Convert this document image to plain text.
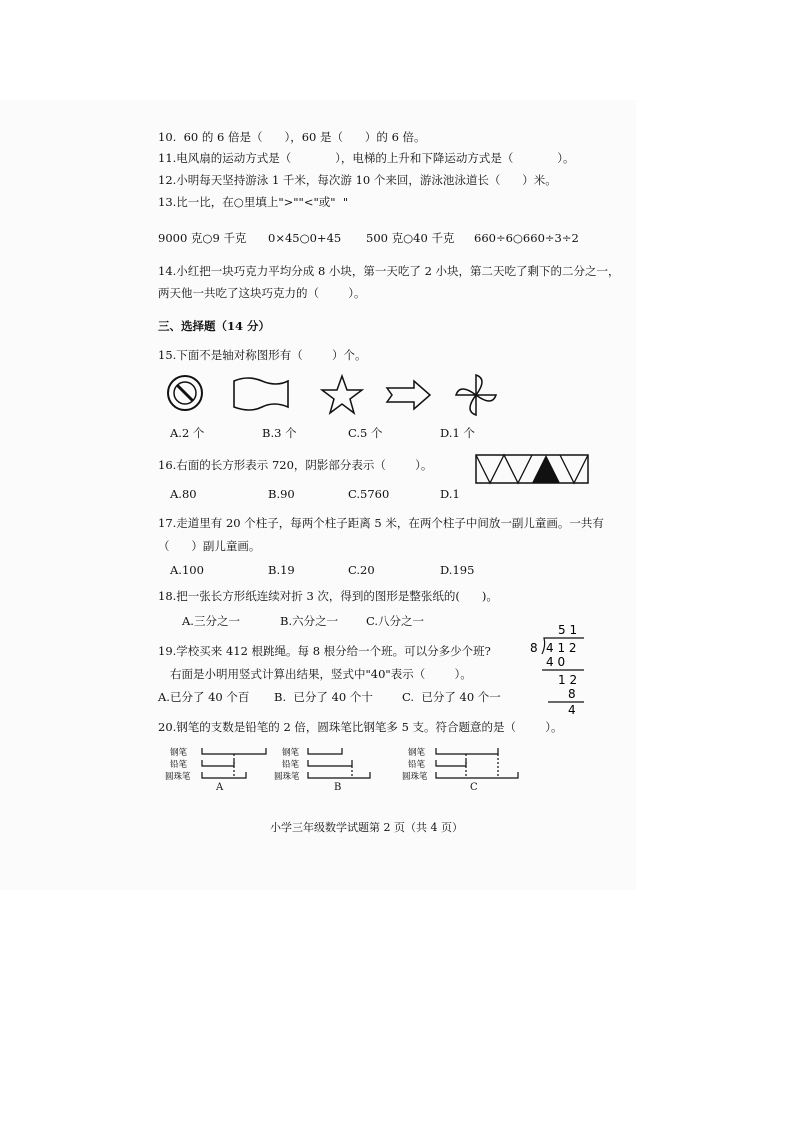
10.  60 的 6 倍是（      ），60 是（      ）的 6 倍。
11.电风扇的运动方式是（            ），电梯的上升和下降运动方式是（            ）。
12.小明每天坚持游泳 1 千米，每次游 10 个来回，游泳池泳道长（      ）米。
13.比一比，在○里填上">""<"或"  "
9000 克○9 千克 0×45○0+45 500 克○40 千克 660÷6○660÷3÷2
14.小红把一块巧克力平均分成 8 小块，第一天吃了 2 小块，第二天吃了剩下的二分之一，
两天他一共吃了这块巧克力的（        ）。
三、选择题（14 分）
15.下面不是轴对称图形有（        ）个。
A.2 个	B.3 个	C.5 个	D.1 个
16.右面的长方形表示 720，阴影部分表示（        ）。
A.80	B.90	C.5760	D.1
17.走道里有 20 个柱子，每两个柱子距离 5 米，在两个柱子中间放一副儿童画。一共有
（      ）副儿童画。
A.100	B.19	C.20	D.195
18.把一张长方形纸连续对折 3 次，得到的图形是整张纸的(      )。
A.三分之一	B.六分之一 C.八分之一
19.学校买来 412 根跳绳。每 8 根分给一个班。可以分多少个班?
右面是小明用竖式计算出结果，竖式中"40"表示（        ）。
A.已分了 40 个百 B.  已分了 40 个十	C.  已分了 40 个一
5 1
8 4 1 2
4 0
1 2
8
4
20.钢笔的支数是铅笔的 2 倍，圆珠笔比钢笔多 5 支。符合题意的是（        ）。
钢笔
铅笔
圆珠笔
钢笔
铅笔
圆珠笔
钢笔
铅笔
圆珠笔
A	B	C
小学三年级数学试题第 2 页（共 4 页）
